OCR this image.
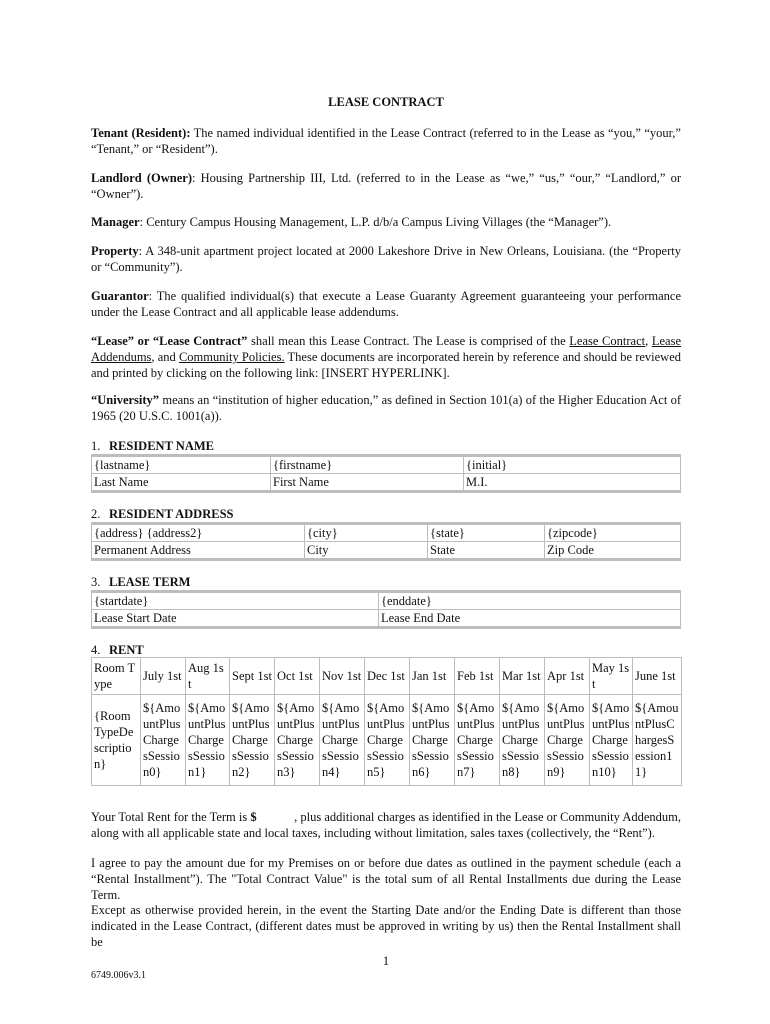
LEASE CONTRACT
Tenant (Resident): The named individual identified in the Lease Contract (referred to in the Lease as “you,” “your,” “Tenant,” or “Resident”).
Landlord (Owner): Housing Partnership III, Ltd. (referred to in the Lease as “we,” “us,” “our,” “Landlord,” or “Owner”).
Manager: Century Campus Housing Management, L.P. d/b/a Campus Living Villages (the “Manager”).
Property: A 348-unit apartment project located at 2000 Lakeshore Drive in New Orleans, Louisiana. (the “Property or “Community”).
Guarantor: The qualified individual(s) that execute a Lease Guaranty Agreement guaranteeing your performance under the Lease Contract and all applicable lease addendums.
“Lease” or “Lease Contract” shall mean this Lease Contract. The Lease is comprised of the Lease Contract, Lease Addendums, and Community Policies. These documents are incorporated herein by reference and should be reviewed and printed by clicking on the following link: [INSERT HYPERLINK].
“University” means an “institution of higher education,” as defined in Section 101(a) of the Higher Education Act of 1965 (20 U.S.C. 1001(a)).
1. RESIDENT NAME
{lastname}	{firstname}	{initial}
Last Name	First Name	M.I.
2. RESIDENT ADDRESS
{address} {address2}	{city}	{state}	{zipcode}
Permanent Address	City	State	Zip Code
3. LEASE TERM
{startdate}	{enddate}
Lease Start Date	Lease End Date
4. RENT
Room Type	July 1st	Aug 1st	Sept 1st	Oct 1st	Nov 1st	Dec 1st	Jan 1st	Feb 1st	Mar 1st	Apr 1st	May 1st	June 1st
{RoomTypeDescription}	${AmountPlusChargesSession0}	${AmountPlusChargesSession1}	${AmountPlusChargesSession2}	${AmountPlusChargesSession3}	${AmountPlusChargesSession4}	${AmountPlusChargesSession5}	${AmountPlusChargesSession6}	${AmountPlusChargesSession7}	${AmountPlusChargesSession8}	${AmountPlusChargesSession9}	${AmountPlusChargesSession10}	${AmountPlusChargesSession11}
Your Total Rent for the Term is $            , plus additional charges as identified in the Lease or Community Addendum, along with all applicable state and local taxes, including without limitation, sales taxes (collectively, the “Rent”).
I agree to pay the amount due for my Premises on or before due dates as outlined in the payment schedule (each a “Rental Installment”). The "Total Contract Value" is the total sum of all Rental Installments due during the Lease Term.
Except as otherwise provided herein, in the event the Starting Date and/or the Ending Date is different than those indicated in the Lease Contract, (different dates must be approved in writing by us) then the Rental Installment shall be
1
6749.006v3.1
